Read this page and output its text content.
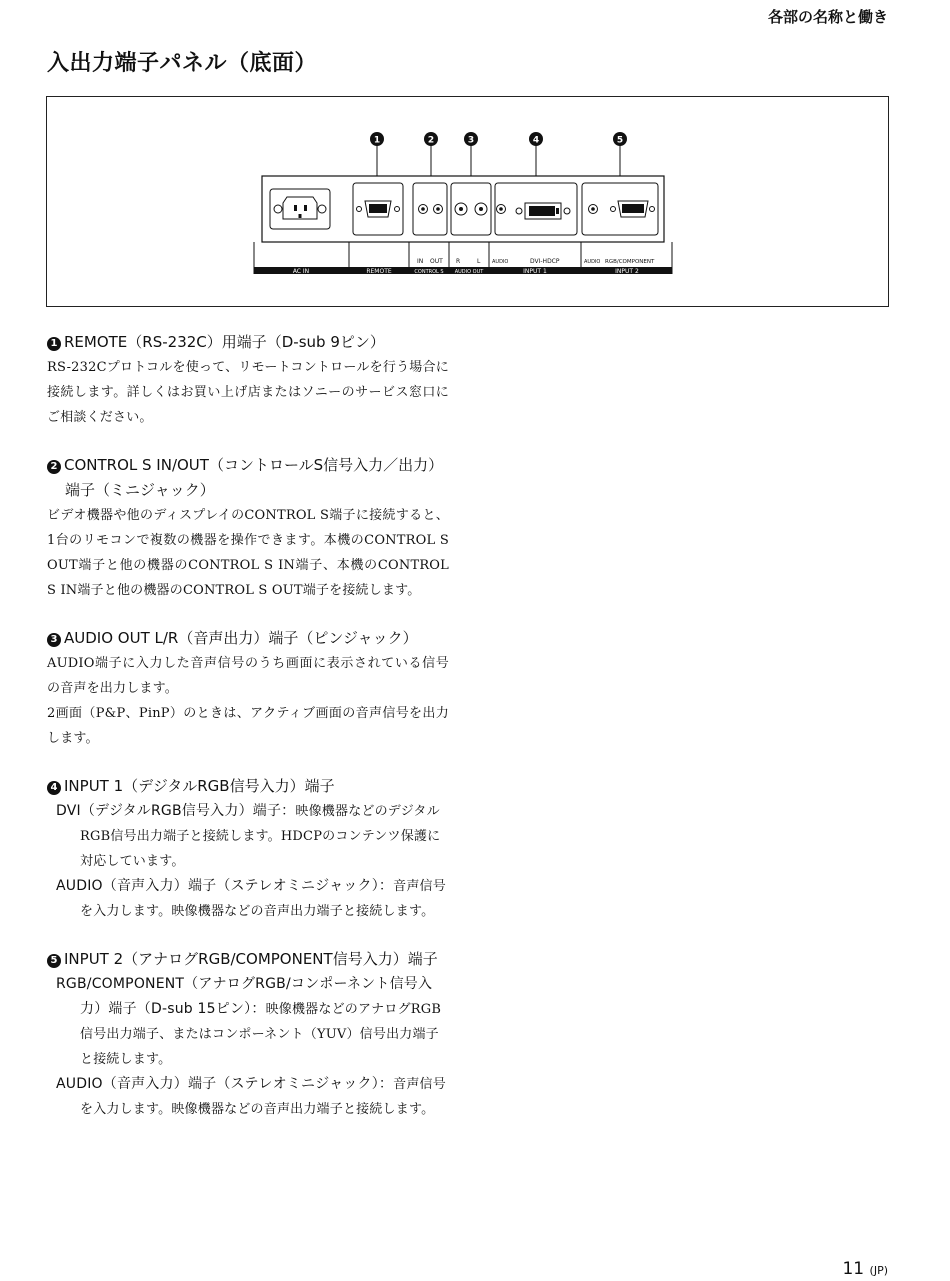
各部の名称と働き
入出力端子パネル（底面）
1	2	3	4	5
IN OUT R	L AUDIO	DVI-HDCP	AUDIO RGB/COMPONENT
AC IN	REMOTE	CONTROL S AUDIO OUT	INPUT 1	INPUT 2

1 REMOTE（RS-232C）用端子（D-sub 9ピン）

RS-232Cプロトコルを使って、リモートコントロールを行う場合に接続します。詳しくはお買い上げ店またはソニーのサービス窓口にご相談ください。

2 CONTROL S IN/OUT（コントロールS信号入力／出力）端子（ミニジャック）

ビデオ機器や他のディスプレイのCONTROL S端子に接続すると、1台のリモコンで複数の機器を操作できます。本機のCONTROL S OUT端子と他の機器のCONTROL S IN端子、本機のCONTROL S IN端子と他の機器のCONTROL S OUT端子を接続します。

3 AUDIO OUT L/R（音声出力）端子（ピンジャック）

AUDIO端子に入力した音声信号のうち画面に表示されている信号の音声を出力します。

2画面（P&P、PinP）のときは、アクティブ画面の音声信号を出力します。

4 INPUT 1（デジタルRGB信号入力）端子

DVI（デジタルRGB信号入力）端子：映像機器などのデジタルRGB信号出力端子と接続します。HDCPのコンテンツ保護に対応しています。

AUDIO（音声入力）端子（ステレオミニジャック）：音声信号を入力します。映像機器などの音声出力端子と接続します。

5 INPUT 2（アナログRGB/COMPONENT信号入力）端子

RGB/COMPONENT（アナログRGB/コンポーネント信号入力）端子（D-sub 15ピン）：映像機器などのアナログRGB信号出力端子、またはコンポーネント（YUV）信号出力端子と接続します。

AUDIO（音声入力）端子（ステレオミニジャック）：音声信号を入力します。映像機器などの音声出力端子と接続します。

11 (JP)
